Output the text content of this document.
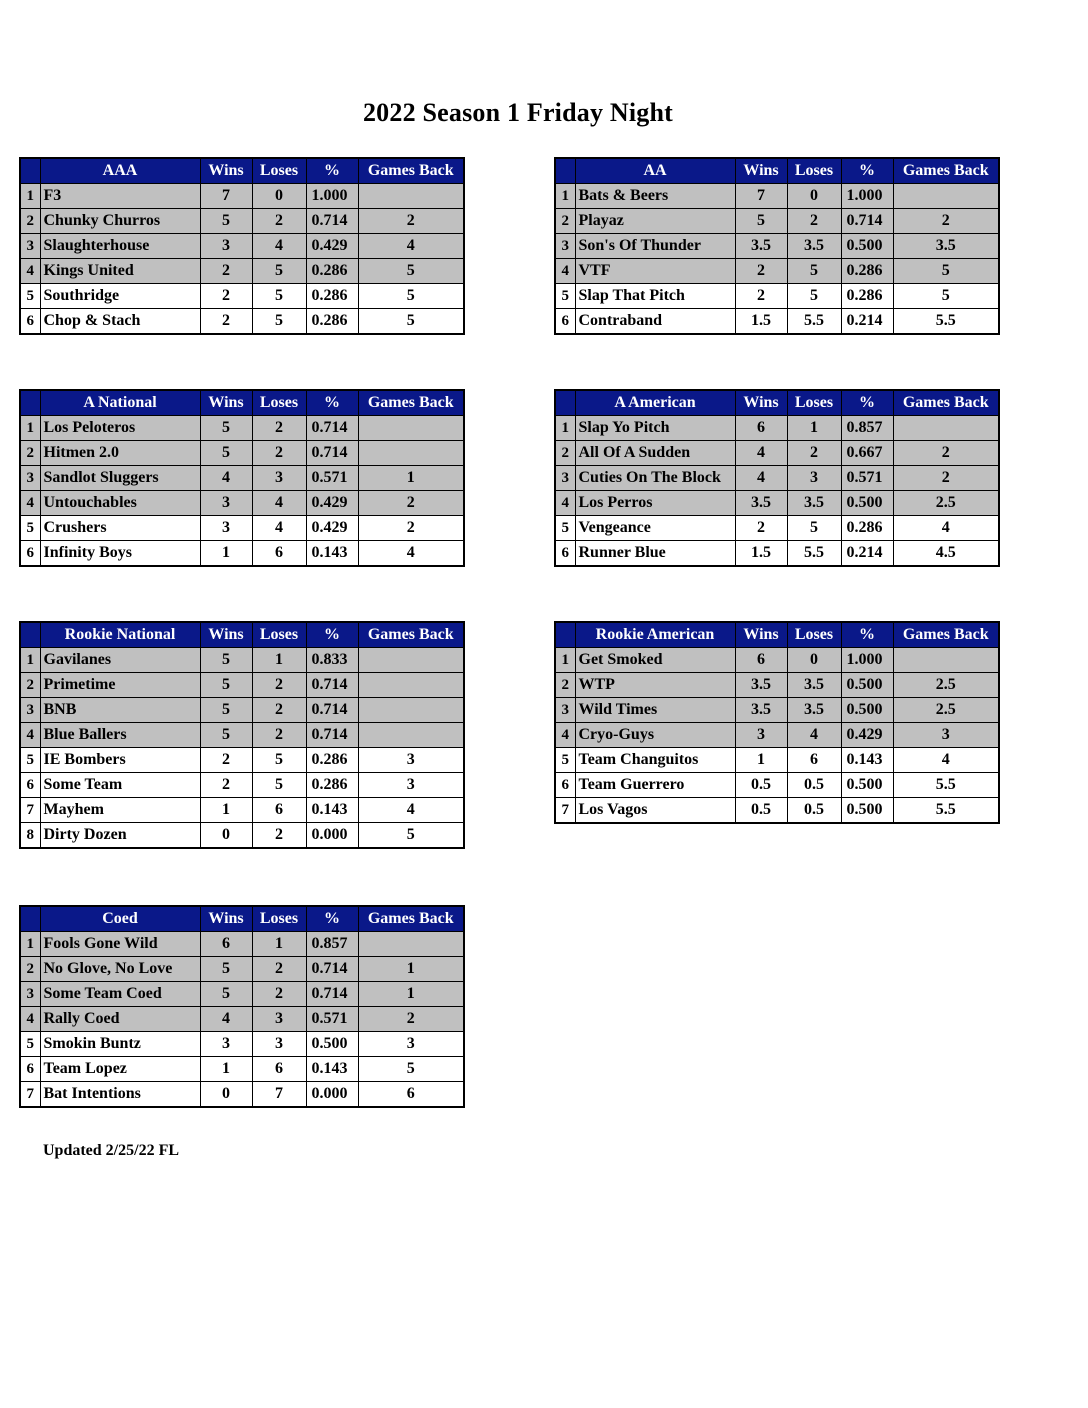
2022 Season 1 Friday Night
	AAA	Wins	Loses	%	Games Back
1	F3	7	0	1.000	
2	Chunky Churros	5	2	0.714	2
3	Slaughterhouse	3	4	0.429	4
4	Kings United	2	5	0.286	5
5	Southridge	2	5	0.286	5
6	Chop & Stach	2	5	0.286	5
	AA	Wins	Loses	%	Games Back
1	Bats & Beers	7	0	1.000	
2	Playaz	5	2	0.714	2
3	Son's Of Thunder	3.5	3.5	0.500	3.5
4	VTF	2	5	0.286	5
5	Slap That Pitch	2	5	0.286	5
6	Contraband	1.5	5.5	0.214	5.5
	A National	Wins	Loses	%	Games Back
1	Los Peloteros	5	2	0.714	
2	Hitmen 2.0	5	2	0.714	
3	Sandlot Sluggers	4	3	0.571	1
4	Untouchables	3	4	0.429	2
5	Crushers	3	4	0.429	2
6	Infinity Boys	1	6	0.143	4
	A American	Wins	Loses	%	Games Back
1	Slap Yo Pitch	6	1	0.857	
2	All Of A Sudden	4	2	0.667	2
3	Cuties On The Block	4	3	0.571	2
4	Los Perros	3.5	3.5	0.500	2.5
5	Vengeance	2	5	0.286	4
6	Runner Blue	1.5	5.5	0.214	4.5
	Rookie National	Wins	Loses	%	Games Back
1	Gavilanes	5	1	0.833	
2	Primetime	5	2	0.714	
3	BNB	5	2	0.714	
4	Blue Ballers	5	2	0.714	
5	IE Bombers	2	5	0.286	3
6	Some Team	2	5	0.286	3
7	Mayhem	1	6	0.143	4
8	Dirty Dozen	0	2	0.000	5
	Rookie American	Wins	Loses	%	Games Back
1	Get Smoked	6	0	1.000	
2	WTP	3.5	3.5	0.500	2.5
3	Wild Times	3.5	3.5	0.500	2.5
4	Cryo-Guys	3	4	0.429	3
5	Team Changuitos	1	6	0.143	4
6	Team Guerrero	0.5	0.5	0.500	5.5
7	Los Vagos	0.5	0.5	0.500	5.5
	Coed	Wins	Loses	%	Games Back
1	Fools Gone Wild	6	1	0.857	
2	No Glove, No Love	5	2	0.714	1
3	Some Team Coed	5	2	0.714	1
4	Rally Coed	4	3	0.571	2
5	Smokin Buntz	3	3	0.500	3
6	Team Lopez	1	6	0.143	5
7	Bat Intentions	0	7	0.000	6
Updated 2/25/22 FL
